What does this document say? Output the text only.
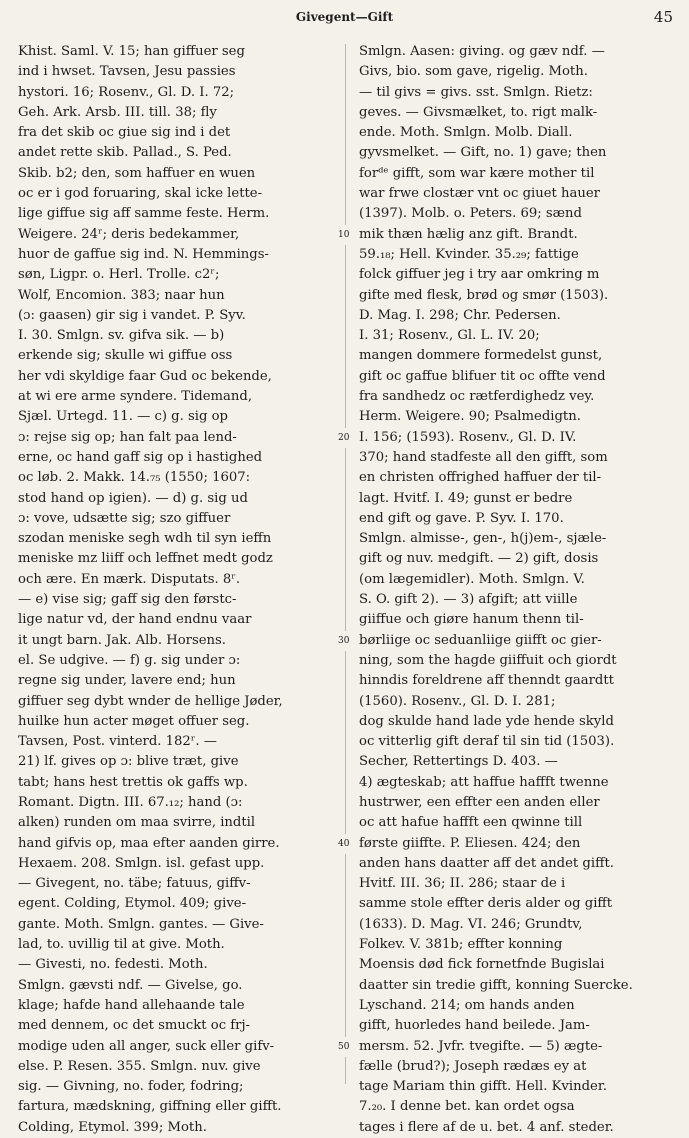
Givegent—Gift	45
Khist. Saml. V. 15; han giffuer seg
ind i hwset. Tavsen, Jesu passies
hystori. 16; Rosenv., Gl. D. I. 72;
Geh. Ark. Arsb. III. till. 38; fly
fra det skib oc giue sig ind i det
andet rette skib. Pallad., S. Ped.
Skib. b2; den, som haffuer en wuen
oc er i god foruaring, skal icke lette-
lige giffue sig aff samme feste. Herm.
Weigere. 24ʳ; deris bedekammer,
huor de gaffue sig ind. N. Hemmings-
søn, Ligpr. o. Herl. Trolle. c2ʳ;
Wolf, Encomion. 383; naar hun
(ɔ: gaasen) gir sig i vandet. P. Syv.
I. 30. Smlgn. sv. gifva sik. — b)
erkende sig; skulle wi giffue oss
her vdi skyldige faar Gud oc bekende,
at wi ere arme syndere. Tidemand,
Sjæl. Urtegd. 11. — c) g. sig op
ɔ: rejse sig op; han falt paa lend-
erne, oc hand gaff sig op i hastighed
oc løb. 2. Makk. 14.₇₅ (1550; 1607:
stod hand op igien). — d) g. sig ud
ɔ: vove, udsætte sig; szo giffuer
szodan meniske segh wdh til syn ieffn
meniske mz liiff och leffnet medt godz
och ære. En mærk. Disputats. 8ʳ.
— e) vise sig; gaff sig den førstc-
lige natur vd, der hand endnu vaar
it ungt barn. Jak. Alb. Horsens.
el. Se udgive. — f) g. sig under ɔ:
regne sig under, lavere end; hun
giffuer seg dybt wnder de hellige Jøder,
huilke hun acter møget offuer seg.
Tavsen, Post. vinterd. 182ʳ. —
21) lf. gives op ɔ: blive træt, give
tabt; hans hest trettis ok gaffs wp.
Romant. Digtn. III. 67.₁₂; hand (ɔ:
alken) runden om maa svirre, indtil
hand gifvis op, maa efter aanden girre.
Hexaem. 208. Smlgn. isl. gefast upp.
— Givegent, no. täbe; fatuus, giffv-
egent. Colding, Etymol. 409; give-
gante. Moth. Smlgn. gantes. — Give-
lad, to. uvillig til at give. Moth.
— Givesti, no. fedesti. Moth.
Smlgn. gævsti ndf. — Givelse, go.
klage; hafde hand allehaande tale
med dennem, oc det smuckt oc frj-
modige uden all anger, suck eller gifv-
else. P. Resen. 355. Smlgn. nuv. give
sig. — Givning, no. foder, fodring;
fartura, mædskning, giffning eller gifft.
Colding, Etymol. 399; Moth.
Smlgn. Aasen: giving. og gæv ndf. —
Givs, bio. som gave, rigelig. Moth.
— til givs = givs. sst. Smlgn. Rietz:
geves. — Givsmælket, to. rigt malk-
ende. Moth. Smlgn. Molb. Diall.
gyvsmelket. — Gift, no. 1) gave; then
forᵈᵉ gifft, som war kære mother til
war frwe clostær vnt oc giuet hauer
(1397). Molb. o. Peters. 69; sænd
mik thæn hælig anz gift. Brandt.
59.₁₈; Hell. Kvinder. 35.₂₉; fattige
folck giffuer jeg i try aar omkring m
gifte med flesk, brød og smør (1503).
D. Mag. I. 298; Chr. Pedersen.
I. 31; Rosenv., Gl. L. IV. 20;
mangen dommere formedelst gunst,
gift oc gaffue blifuer tit oc offte vend
fra sandhedz oc rætferdighedz vey.
Herm. Weigere. 90; Psalmedigtn.
I. 156; (1593). Rosenv., Gl. D. IV.
370; hand stadfeste all den gifft, som
en christen offrighed haffuer der til-
lagt. Hvitf. I. 49; gunst er bedre
end gift og gave. P. Syv. I. 170.
Smlgn. almisse-, gen-, h(j)em-, sjæle-
gift og nuv. medgift. — 2) gift, dosis
(om lægemidler). Moth. Smlgn. V.
S. O. gift 2). — 3) afgift; att viille
giiffue och giøre hanum thenn til-
børliige oc seduanliige giifft oc gier-
ning, som the hagde giiffuit och giordt
hinndis foreldrene aff thenndt gaardtt
(1560). Rosenv., Gl. D. I. 281;
dog skulde hand lade yde hende skyld
oc vitterlig gift deraf til sin tid (1503).
Secher, Rettertings D. 403. —
4) ægteskab; att haffue haffft twenne
hustrwer, een effter een anden eller
oc att hafue haffft een qwinne till
første giiffte. P. Eliesen. 424; den
anden hans daatter aff det andet gifft.
Hvitf. III. 36; II. 286; staar de i
samme stole effter deris alder og gifft
(1633). D. Mag. VI. 246; Grundtv,
Folkev. V. 381b; effter konning
Moensis død fick fornetfnde Bugislai
daatter sin tredie gifft, konning Suercke.
Lyschand. 214; om hands anden
gifft, huorledes hand beilede. Jam-
mersm. 52. Jvfr. tvegifte. — 5) ægte-
fælle (brud?); Joseph rædæs ey at
tage Mariam thin gifft. Hell. Kvinder.
7.₂₀. I denne bet. kan ordet ogsa
tages i flere af de u. bet. 4 anf. steder.
10
20
30
40
50
